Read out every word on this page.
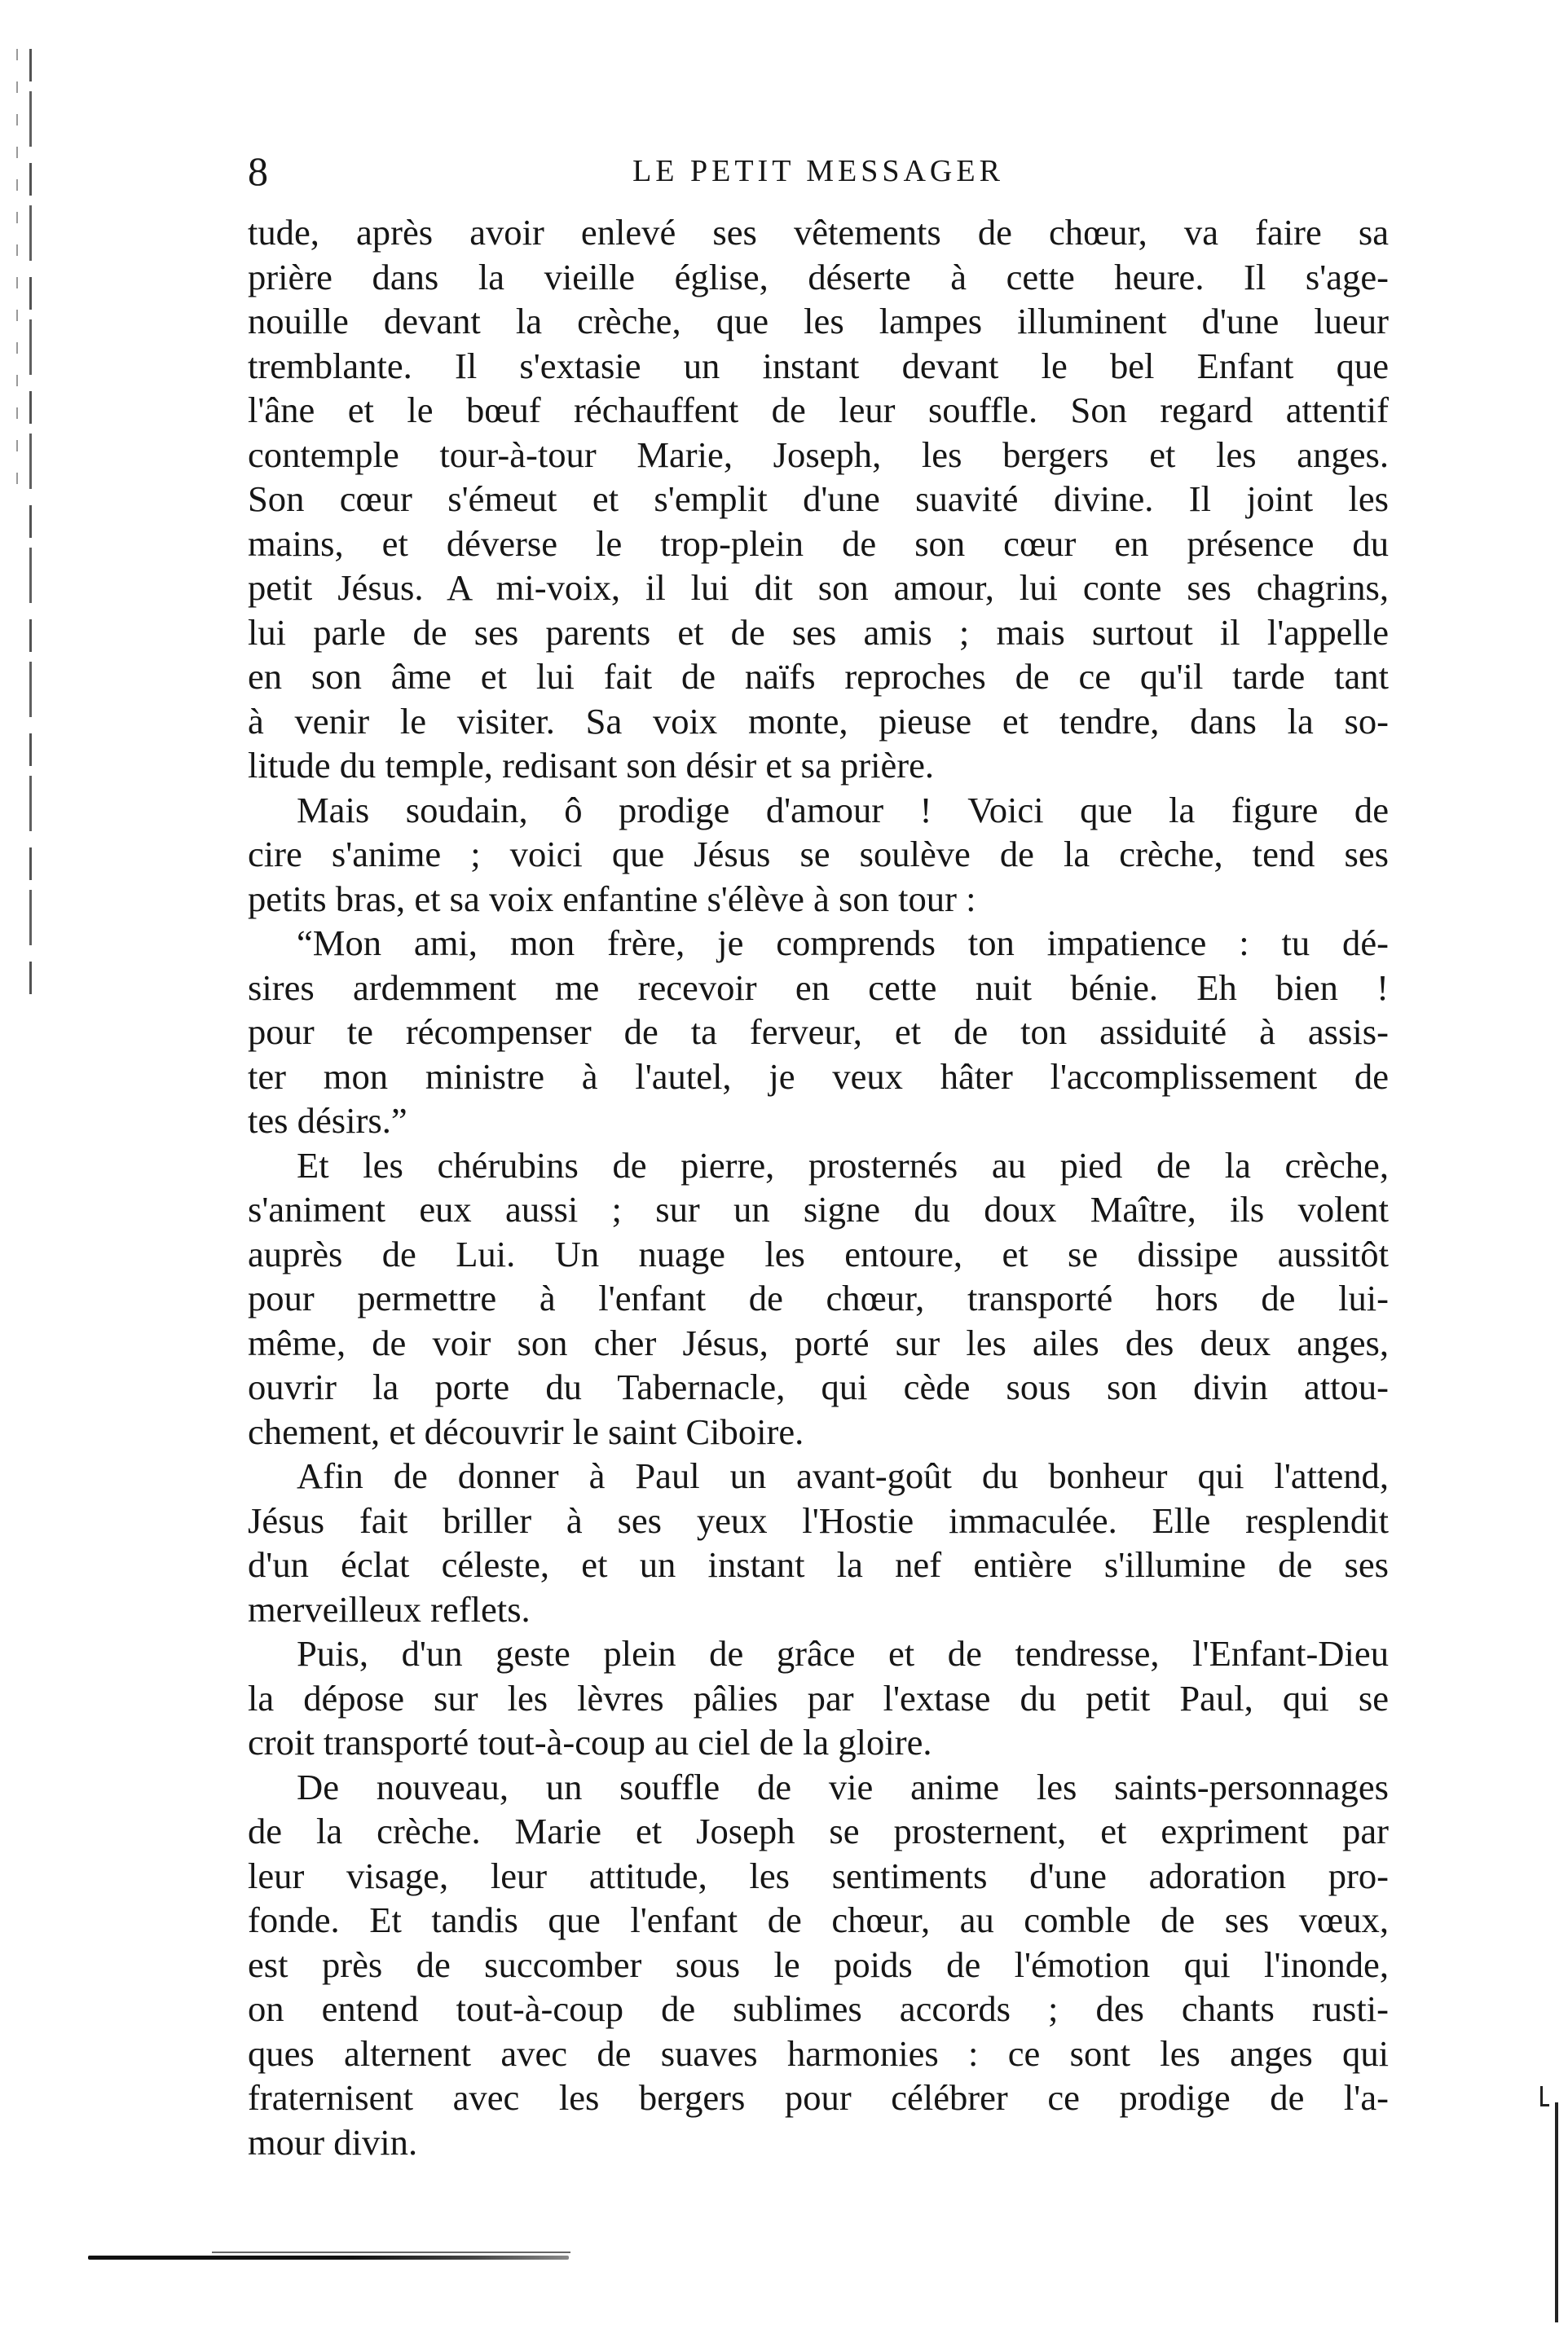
8	LE PETIT MESSAGER
tude, après avoir enlevé ses vêtements de chœur, va faire sa
prière dans la vieille église, déserte à cette heure. Il s'age-
nouille devant la crèche, que les lampes illuminent d'une lueur
tremblante. Il s'extasie un instant devant le bel Enfant que
l'âne et le bœuf réchauffent de leur souffle. Son regard attentif
contemple tour-à-tour Marie, Joseph, les bergers et les anges.
Son cœur s'émeut et s'emplit d'une suavité divine. Il joint les
mains, et déverse le trop-plein de son cœur en présence du
petit Jésus. A mi-voix, il lui dit son amour, lui conte ses chagrins,
lui parle de ses parents et de ses amis ; mais surtout il l'appelle
en son âme et lui fait de naïfs reproches de ce qu'il tarde tant
à venir le visiter. Sa voix monte, pieuse et tendre, dans la so-
litude du temple, redisant son désir et sa prière.
Mais soudain, ô prodige d'amour ! Voici que la figure de
cire s'anime ; voici que Jésus se soulève de la crèche, tend ses
petits bras, et sa voix enfantine s'élève à son tour :
“Mon ami, mon frère, je comprends ton impatience : tu dé-
sires ardemment me recevoir en cette nuit bénie. Eh bien !
pour te récompenser de ta ferveur, et de ton assiduité à assis-
ter mon ministre à l'autel, je veux hâter l'accomplissement de
tes désirs.”
Et les chérubins de pierre, prosternés au pied de la crèche,
s'animent eux aussi ; sur un signe du doux Maître, ils volent
auprès de Lui. Un nuage les entoure, et se dissipe aussitôt
pour permettre à l'enfant de chœur, transporté hors de lui-
même, de voir son cher Jésus, porté sur les ailes des deux anges,
ouvrir la porte du Tabernacle, qui cède sous son divin attou-
chement, et découvrir le saint Ciboire.
Afin de donner à Paul un avant-goût du bonheur qui l'attend,
Jésus fait briller à ses yeux l'Hostie immaculée. Elle resplendit
d'un éclat céleste, et un instant la nef entière s'illumine de ses
merveilleux reflets.
Puis, d'un geste plein de grâce et de tendresse, l'Enfant-Dieu
la dépose sur les lèvres pâlies par l'extase du petit Paul, qui se
croit transporté tout-à-coup au ciel de la gloire.
De nouveau, un souffle de vie anime les saints-personnages
de la crèche. Marie et Joseph se prosternent, et expriment par
leur visage, leur attitude, les sentiments d'une adoration pro-
fonde. Et tandis que l'enfant de chœur, au comble de ses vœux,
est près de succomber sous le poids de l'émotion qui l'inonde,
on entend tout-à-coup de sublimes accords ; des chants rusti-
ques alternent avec de suaves harmonies : ce sont les anges qui
fraternisent avec les bergers pour célébrer ce prodige de l'a-
mour divin.
